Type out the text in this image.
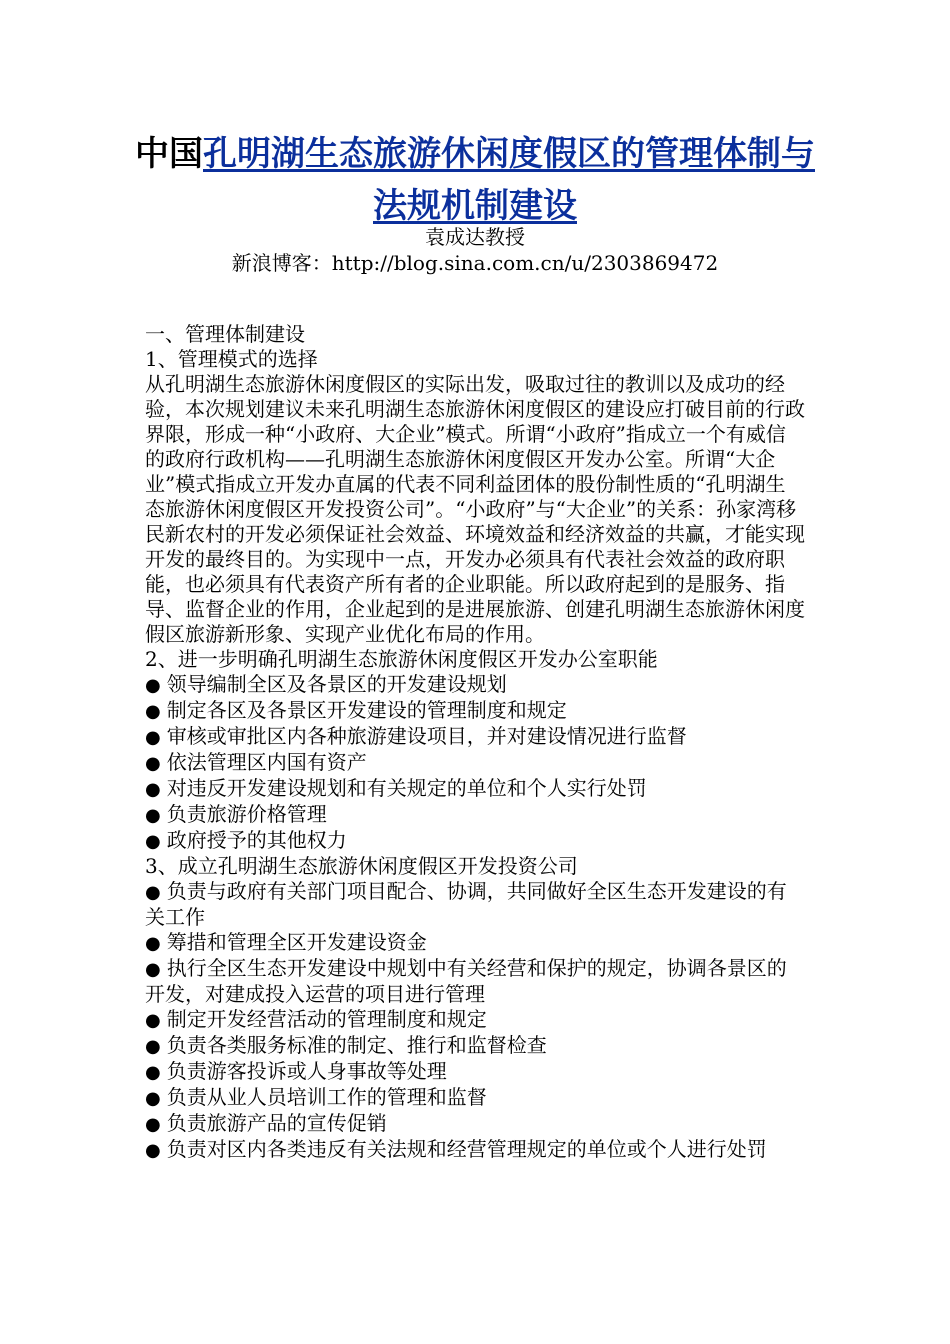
中国孔明湖生态旅游休闲度假区的管理体制与法规机制建设
袁成达教授
新浪博客：http://blog.sina.com.cn/u/2303869472
一、管理体制建设
1、管理模式的选择
从孔明湖生态旅游休闲度假区的实际出发，吸取过往的教训以及成功的经验，本次规划建议未来孔明湖生态旅游休闲度假区的建设应打破目前的行政界限，形成一种“小政府、大企业”模式。所谓“小政府”指成立一个有威信的政府行政机构——孔明湖生态旅游休闲度假区开发办公室。所谓“大企业”模式指成立开发办直属的代表不同利益团体的股份制性质的“孔明湖生态旅游休闲度假区开发投资公司”。“小政府”与“大企业”的关系：孙家湾移民新农村的开发必须保证社会效益、环境效益和经济效益的共赢，才能实现开发的最终目的。为实现中一点，开发办必须具有代表社会效益的政府职能，也必须具有代表资产所有者的企业职能。所以政府起到的是服务、指导、监督企业的作用，企业起到的是进展旅游、创建孔明湖生态旅游休闲度假区旅游新形象、实现产业优化布局的作用。
2、进一步明确孔明湖生态旅游休闲度假区开发办公室职能
● 领导编制全区及各景区的开发建设规划
● 制定各区及各景区开发建设的管理制度和规定
● 审核或审批区内各种旅游建设项目，并对建设情况进行监督
● 依法管理区内国有资产
● 对违反开发建设规划和有关规定的单位和个人实行处罚
● 负责旅游价格管理
● 政府授予的其他权力
3、成立孔明湖生态旅游休闲度假区开发投资公司
● 负责与政府有关部门项目配合、协调，共同做好全区生态开发建设的有关工作
● 筹措和管理全区开发建设资金
● 执行全区生态开发建设中规划中有关经营和保护的规定，协调各景区的开发，对建成投入运营的项目进行管理
● 制定开发经营活动的管理制度和规定
● 负责各类服务标准的制定、推行和监督检查
● 负责游客投诉或人身事故等处理
● 负责从业人员培训工作的管理和监督
● 负责旅游产品的宣传促销
● 负责对区内各类违反有关法规和经营管理规定的单位或个人进行处罚
